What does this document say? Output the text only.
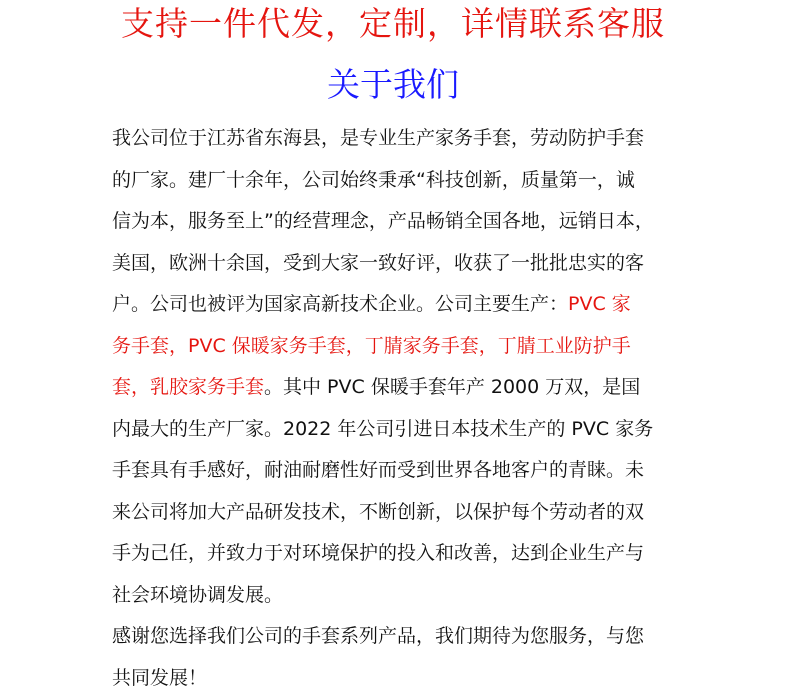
支持一件代发，定制，详情联系客服
关于我们
我公司位于江苏省东海县，是专业生产家务手套，劳动防护手套
的厂家。建厂十余年，公司始终秉承“科技创新，质量第一，诚
信为本，服务至上”的经营理念，产品畅销全国各地，远销日本，
美国，欧洲十余国，受到大家一致好评，收获了一批批忠实的客
户。公司也被评为国家高新技术企业。公司主要生产：PVC 家
务手套，PVC 保暖家务手套，丁腈家务手套，丁腈工业防护手
套，乳胶家务手套。其中 PVC 保暖手套年产 2000 万双，是国
内最大的生产厂家。2022 年公司引进日本技术生产的 PVC 家务
手套具有手感好，耐油耐磨性好而受到世界各地客户的青睐。未
来公司将加大产品研发技术，不断创新，以保护每个劳动者的双
手为己任，并致力于对环境保护的投入和改善，达到企业生产与
社会环境协调发展。
感谢您选择我们公司的手套系列产品，我们期待为您服务，与您
共同发展！
